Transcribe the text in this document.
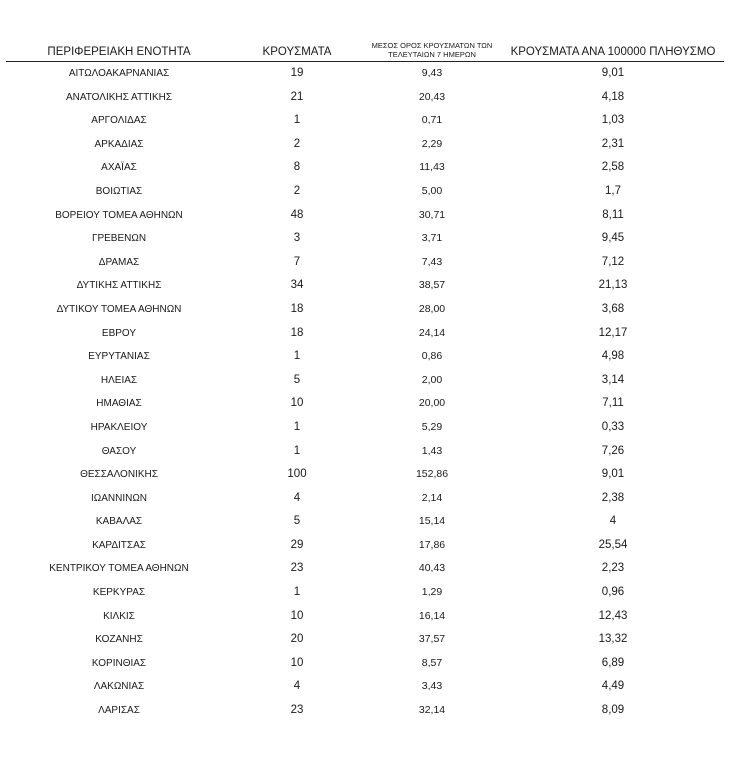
ΠΕΡΙΦΕΡΕΙΑΚΗ ΕΝΟΤΗΤΑ	ΚΡΟΥΣΜΑΤΑ	ΜΕΣΟΣ ΟΡΟΣ ΚΡΟΥΣΜΑΤΩΝ ΤΩΝ
ΤΕΛΕΥΤΑΙΩΝ 7 ΗΜΕΡΩΝ	ΚΡΟΥΣΜΑΤΑ ΑΝΑ 100000 ΠΛΗΘΥΣΜΟ
ΑΙΤΩΛΟΑΚΑΡΝΑΝΙΑΣ	19	9,43	9,01
ΑΝΑΤΟΛΙΚΗΣ ΑΤΤΙΚΗΣ	21	20,43	4,18
ΑΡΓΟΛΙΔΑΣ	1	0,71	1,03
ΑΡΚΑΔΙΑΣ	2	2,29	2,31
ΑΧΑΪΑΣ	8	11,43	2,58
ΒΟΙΩΤΙΑΣ	2	5,00	1,7
ΒΟΡΕΙΟΥ ΤΟΜΕΑ ΑΘΗΝΩΝ	48	30,71	8,11
ΓΡΕΒΕΝΩΝ	3	3,71	9,45
ΔΡΑΜΑΣ	7	7,43	7,12
ΔΥΤΙΚΗΣ ΑΤΤΙΚΗΣ	34	38,57	21,13
ΔΥΤΙΚΟΥ ΤΟΜΕΑ ΑΘΗΝΩΝ	18	28,00	3,68
ΕΒΡΟΥ	18	24,14	12,17
ΕΥΡΥΤΑΝΙΑΣ	1	0,86	4,98
ΗΛΕΙΑΣ	5	2,00	3,14
ΗΜΑΘΙΑΣ	10	20,00	7,11
ΗΡΑΚΛΕΙΟΥ	1	5,29	0,33
ΘΑΣΟΥ	1	1,43	7,26
ΘΕΣΣΑΛΟΝΙΚΗΣ	100	152,86	9,01
ΙΩΑΝΝΙΝΩΝ	4	2,14	2,38
ΚΑΒΑΛΑΣ	5	15,14	4
ΚΑΡΔΙΤΣΑΣ	29	17,86	25,54
ΚΕΝΤΡΙΚΟΥ ΤΟΜΕΑ ΑΘΗΝΩΝ	23	40,43	2,23
ΚΕΡΚΥΡΑΣ	1	1,29	0,96
ΚΙΛΚΙΣ	10	16,14	12,43
ΚΟΖΑΝΗΣ	20	37,57	13,32
ΚΟΡΙΝΘΙΑΣ	10	8,57	6,89
ΛΑΚΩΝΙΑΣ	4	3,43	4,49
ΛΑΡΙΣΑΣ	23	32,14	8,09
